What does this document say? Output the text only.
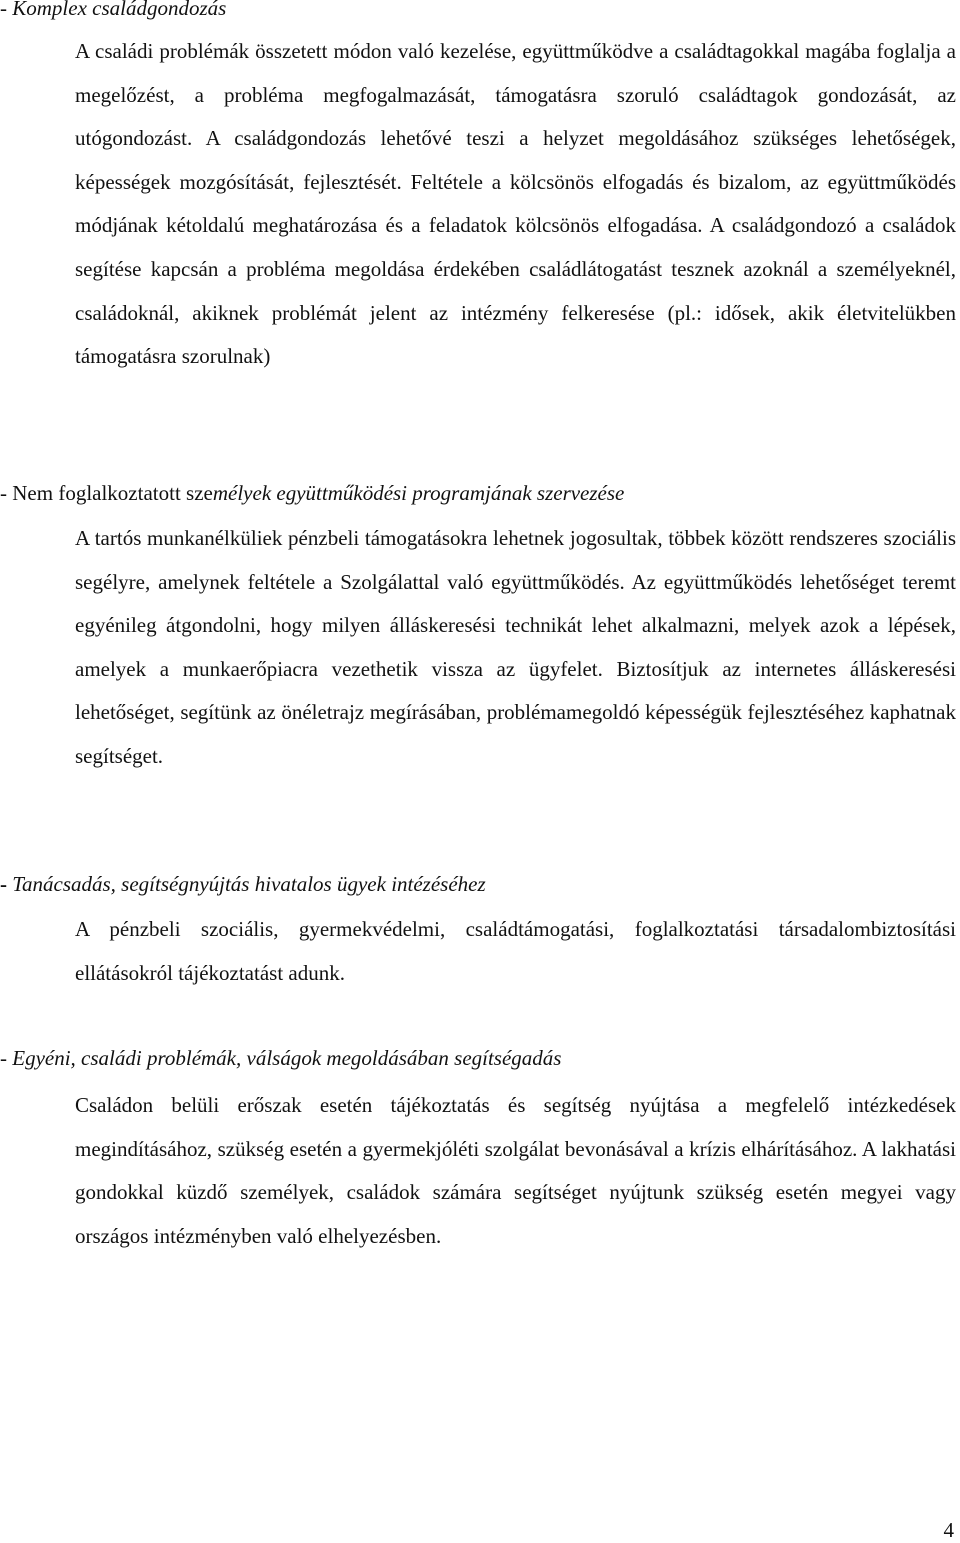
- Komplex családgondozás

A családi problémák összetett módon való kezelése, együttműködve a családtagokkal magába foglalja a megelőzést, a probléma megfogalmazását, támogatásra szoruló családtagok gondozását, az utógondozást. A családgondozás lehetővé teszi a helyzet megoldásához szükséges lehetőségek, képességek mozgósítását, fejlesztését. Feltétele a kölcsönös elfogadás és bizalom, az együttműködés módjának kétoldalú meghatározása és a feladatok kölcsönös elfogadása. A családgondozó a családok segítése kapcsán a probléma megoldása érdekében családlátogatást tesznek azoknál a személyeknél, családoknál, akiknek problémát jelent az intézmény felkeresése (pl.: idősek, akik életvitelükben támogatásra szorulnak)

- Nem foglalkoztatott személyek együttműködési programjának szervezése

A tartós munkanélküliek pénzbeli támogatásokra lehetnek jogosultak, többek között rendszeres szociális segélyre, amelynek feltétele a Szolgálattal való együttműködés. Az együttműködés lehetőséget teremt egyénileg átgondolni, hogy milyen álláskeresési technikát lehet alkalmazni, melyek azok a lépések, amelyek a munkaerőpiacra vezethetik vissza az ügyfelet. Biztosítjuk az internetes álláskeresési lehetőséget, segítünk az önéletrajz megírásában, problémamegoldó képességük fejlesztéséhez kaphatnak segítséget.

- Tanácsadás, segítségnyújtás hivatalos ügyek intézéséhez

A pénzbeli szociális, gyermekvédelmi, családtámogatási, foglalkoztatási társadalombiztosítási ellátásokról tájékoztatást adunk.

- Egyéni, családi problémák, válságok megoldásában segítségadás

Családon belüli erőszak esetén tájékoztatás és segítség nyújtása a megfelelő intézkedések megindításához, szükség esetén a gyermekjóléti szolgálat bevonásával a krízis elhárításához. A lakhatási gondokkal küzdő személyek, családok számára segítséget nyújtunk szükség esetén megyei vagy országos intézményben való elhelyezésben.

4
